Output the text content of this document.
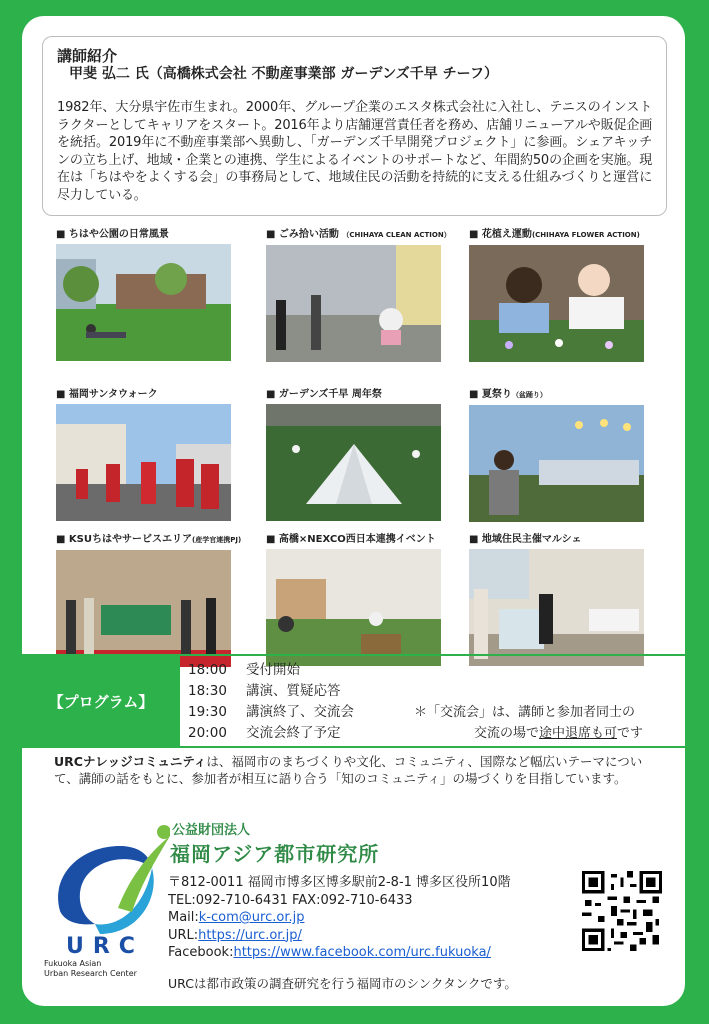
講師紹介
甲斐 弘二 氏（高橋株式会社 不動産事業部 ガーデンズ千早 チーフ）

1982年、大分県宇佐市生まれ。2000年、グループ企業のエスタ株式会社に入社し、テニスのインストラクターとしてキャリアをスタート。2016年より店舗運営責任者を務め、店舗リニューアルや販促企画を統括。2019年に不動産事業部へ異動し、「ガーデンズ千早開発プロジェクト」に参画。シェアキッチンの立ち上げ、地域・企業との連携、学生によるイベントのサポートなど、年間約50の企画を実施。現在は「ちはやをよくする会」の事務局として、地域住民の活動を持続的に支える仕組みづくりと運営に尽力している。

■ ちはや公園の日常風景	■ ごみ拾い活動 （CHIHAYA CLEAN ACTION） ■ 花植え運動(CHIHAYA FLOWER ACTION)
■ 福岡サンタウォーク	■ ガーデンズ千早 周年祭	■ 夏祭り（盆踊り）
■ KSUちはやサービスエリア(産学官連携PJ) ■ 高橋×NEXCO西日本連携イベント	■ 地域住民主催マルシェ
【プログラム】
18:00 受付開始
18:30 講演、質疑応答
19:30 講演終了、交流会
20:00 交流会終了予定
＊「交流会」は、講師と参加者同士の
交流の場で途中退席も可です
URCナレッジコミュニティは、福岡市のまちづくりや文化、コミュニティ、国際など幅広いテーマについて、講師の話をもとに、参加者が相互に語り合う「知のコミュニティ」の場づくりを目指しています。
URC
Fukuoka Asian
Urban Research Center
公益財団法人
福岡アジア都市研究所
〒812-0011 福岡市博多区博多駅前2-8-1 博多区役所10階
TEL:092-710-6431 FAX:092-710-6433
Mail:k-com@urc.or.jp
URL:https://urc.or.jp/
Facebook:https://www.facebook.com/urc.fukuoka/
URCは都市政策の調査研究を行う福岡市のシンクタンクです。
